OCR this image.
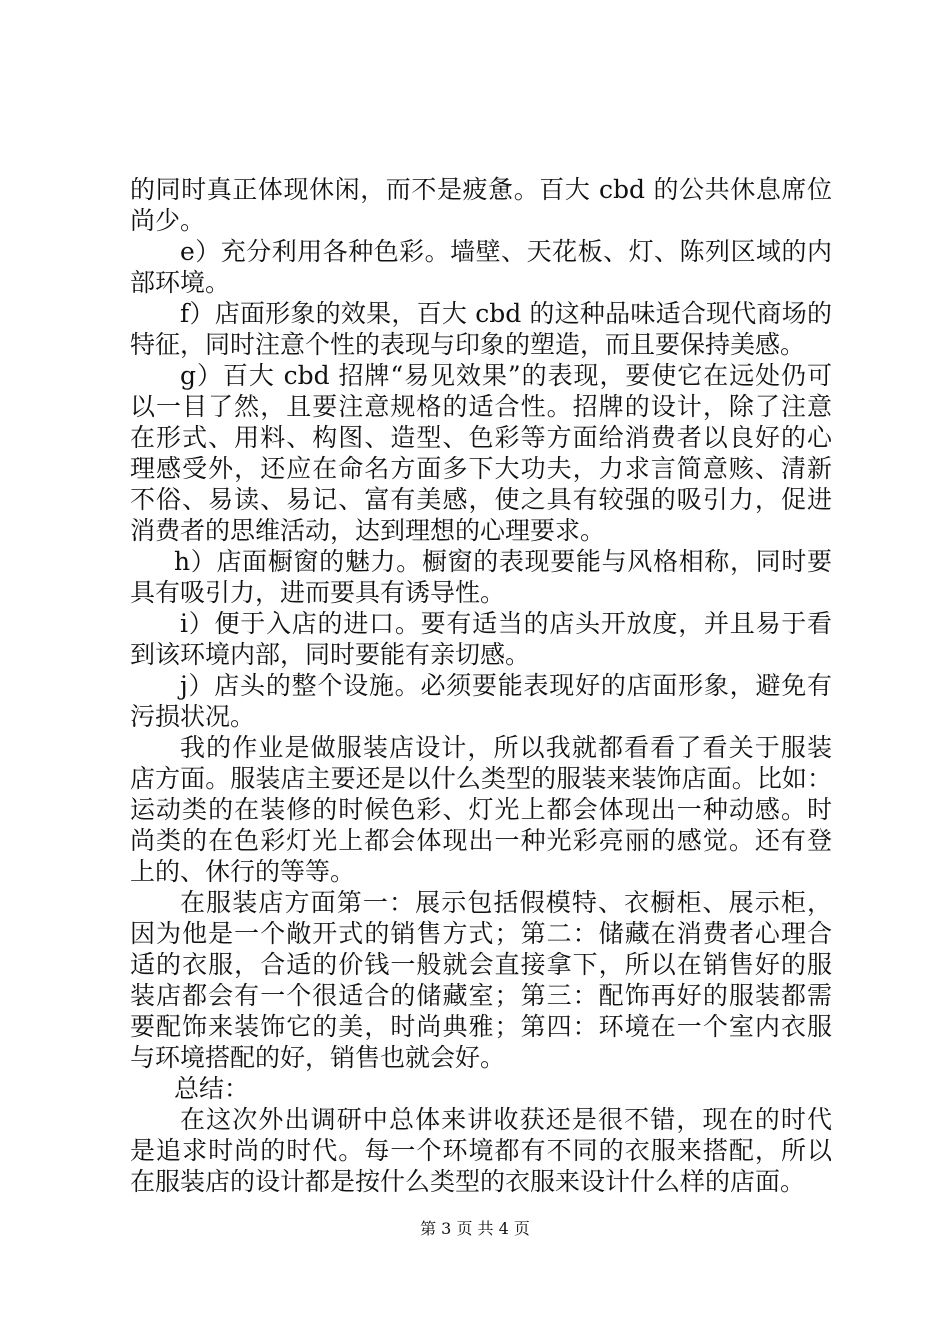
的同时真正体现休闲，而不是疲惫。百大 cbd 的公共休息席位
尚少。
e）充分利用各种色彩。墙壁、天花板、灯、陈列区域的内
部环境。
f）店面形象的效果，百大 cbd 的这种品味适合现代商场的
特征，同时注意个性的表现与印象的塑造，而且要保持美感。
g）百大 cbd 招牌“易见效果”的表现，要使它在远处仍可
以一目了然，且要注意规格的适合性。招牌的设计，除了注意
在形式、用料、构图、造型、色彩等方面给消费者以良好的心
理感受外，还应在命名方面多下大功夫，力求言简意赅、清新
不俗、易读、易记、富有美感，使之具有较强的吸引力，促进
消费者的思维活动，达到理想的心理要求。
h）店面橱窗的魅力。橱窗的表现要能与风格相称，同时要
具有吸引力，进而要具有诱导性。
i）便于入店的进口。要有适当的店头开放度，并且易于看
到该环境内部，同时要能有亲切感。
j）店头的整个设施。必须要能表现好的店面形象，避免有
污损状况。
我的作业是做服装店设计，所以我就都看看了看关于服装
店方面。服装店主要还是以什么类型的服装来装饰店面。比如：
运动类的在装修的时候色彩、灯光上都会体现出一种动感。时
尚类的在色彩灯光上都会体现出一种光彩亮丽的感觉。还有登
上的、休行的等等。
在服装店方面第一：展示包括假模特、衣橱柜、展示柜，
因为他是一个敞开式的销售方式；第二：储藏在消费者心理合
适的衣服，合适的价钱一般就会直接拿下，所以在销售好的服
装店都会有一个很适合的储藏室；第三：配饰再好的服装都需
要配饰来装饰它的美，时尚典雅；第四：环境在一个室内衣服
与环境搭配的好，销售也就会好。
总结：
在这次外出调研中总体来讲收获还是很不错，现在的时代
是追求时尚的时代。每一个环境都有不同的衣服来搭配，所以
在服装店的设计都是按什么类型的衣服来设计什么样的店面。
第 3 页 共 4 页
